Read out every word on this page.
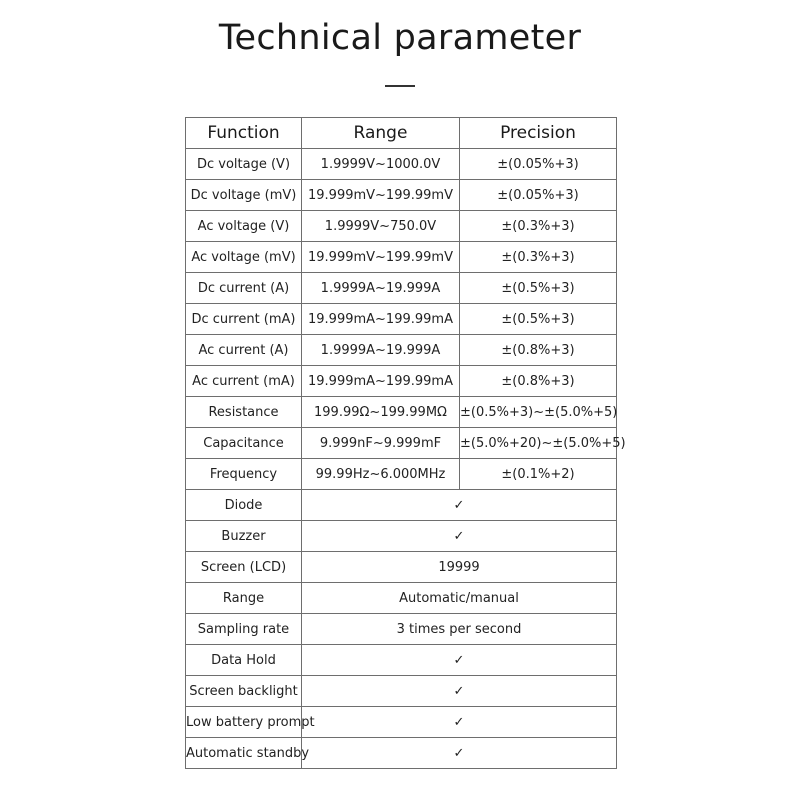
Technical parameter
Function	Range	Precision
Dc voltage (V)	1.9999V~1000.0V	±(0.05%+3)
Dc voltage (mV)	19.999mV~199.99mV	±(0.05%+3)
Ac voltage (V)	1.9999V~750.0V	±(0.3%+3)
Ac voltage (mV)	19.999mV~199.99mV	±(0.3%+3)
Dc current (A)	1.9999A~19.999A	±(0.5%+3)
Dc current (mA)	19.999mA~199.99mA	±(0.5%+3)
Ac current (A)	1.9999A~19.999A	±(0.8%+3)
Ac current (mA)	19.999mA~199.99mA	±(0.8%+3)
Resistance	199.99Ω~199.99MΩ	±(0.5%+3)~±(5.0%+5)
Capacitance	9.999nF~9.999mF	±(5.0%+20)~±(5.0%+5)
Frequency	99.99Hz~6.000MHz	±(0.1%+2)
Diode	✓	
Buzzer	✓	
Screen (LCD)	19999	
Range	Automatic/manual	
Sampling rate	3 times per second	
Data Hold	✓	
Screen backlight	✓	
Low battery prompt	✓	
Automatic standby	✓	
